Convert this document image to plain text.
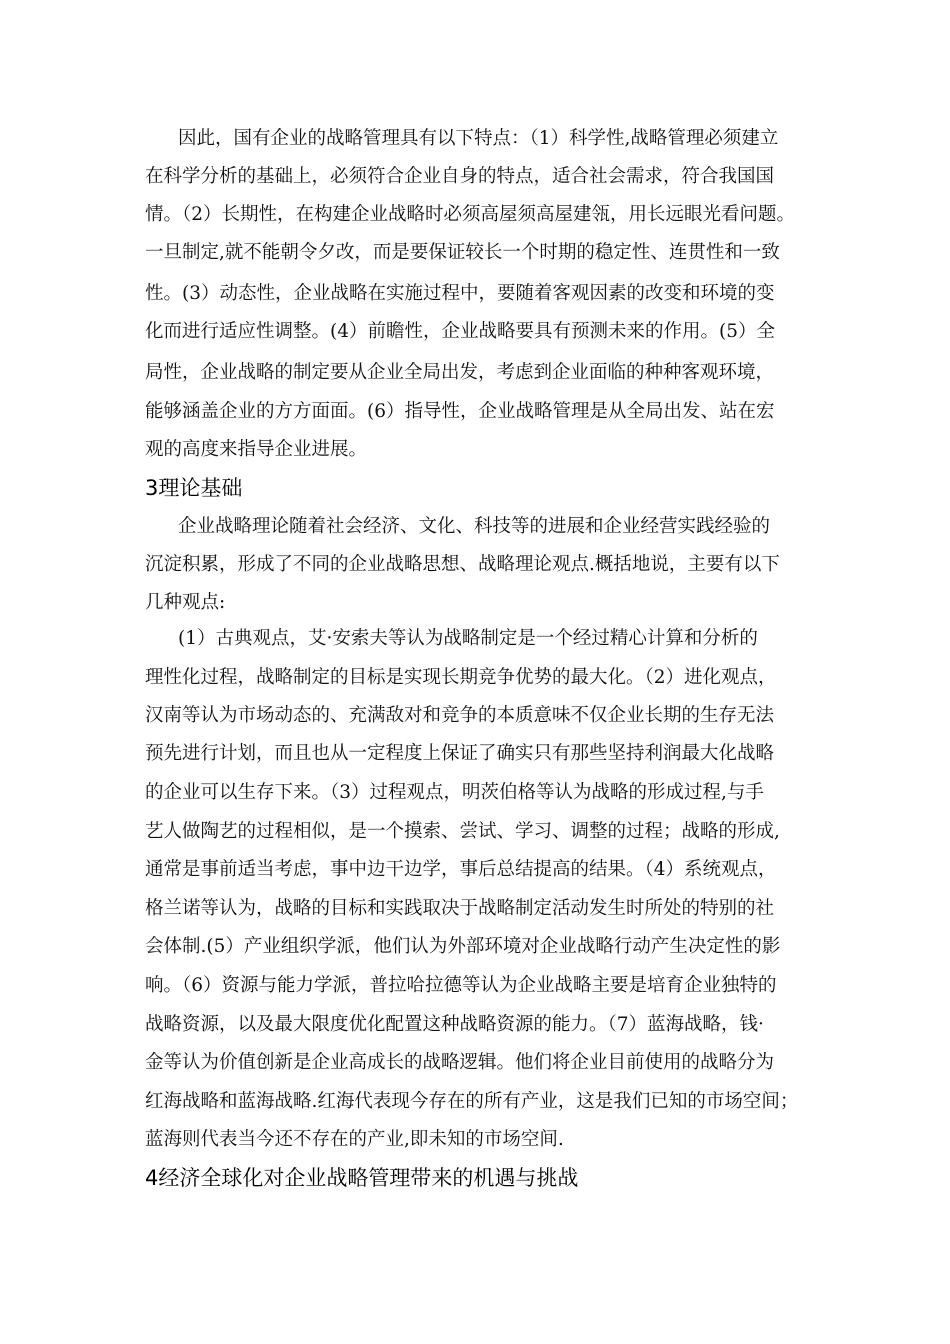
因此，国有企业的战略管理具有以下特点：（1）科学性,战略管理必须建立
在科学分析的基础上，必须符合企业自身的特点，适合社会需求，符合我国国
情。（2）长期性，在构建企业战略时必须高屋须高屋建瓴，用长远眼光看问题。
一旦制定,就不能朝令夕改，而是要保证较长一个时期的稳定性、连贯性和一致
性。(3）动态性，企业战略在实施过程中，要随着客观因素的改变和环境的变
化而进行适应性调整。(4）前瞻性，企业战略要具有预测未来的作用。(5）全
局性，企业战略的制定要从企业全局出发，考虑到企业面临的种种客观环境，
能够涵盖企业的方方面面。(6）指导性，企业战略管理是从全局出发、站在宏
观的高度来指导企业进展。
3理论基础
企业战略理论随着社会经济、文化、科技等的进展和企业经营实践经验的
沉淀积累，形成了不同的企业战略思想、战略理论观点.概括地说，主要有以下
几种观点:
(1）古典观点，艾·安索夫等认为战略制定是一个经过精心计算和分析的
理性化过程，战略制定的目标是实现长期竞争优势的最大化。（2）进化观点，
汉南等认为市场动态的、充满敌对和竞争的本质意味不仅企业长期的生存无法
预先进行计划，而且也从一定程度上保证了确实只有那些坚持利润最大化战略
的企业可以生存下来。（3）过程观点，明茨伯格等认为战略的形成过程,与手
艺人做陶艺的过程相似，是一个摸索、尝试、学习、调整的过程；战略的形成,
通常是事前适当考虑，事中边干边学，事后总结提高的结果。（4）系统观点，
格兰诺等认为，战略的目标和实践取决于战略制定活动发生时所处的特别的社
会体制.(5）产业组织学派，他们认为外部环境对企业战略行动产生决定性的影
响。（6）资源与能力学派，普拉哈拉德等认为企业战略主要是培育企业独特的
战略资源，以及最大限度优化配置这种战略资源的能力。（7）蓝海战略，钱·
金等认为价值创新是企业高成长的战略逻辑。他们将企业目前使用的战略分为
红海战略和蓝海战略.红海代表现今存在的所有产业，这是我们已知的市场空间；
蓝海则代表当今还不存在的产业,即未知的市场空间.
4经济全球化对企业战略管理带来的机遇与挑战
